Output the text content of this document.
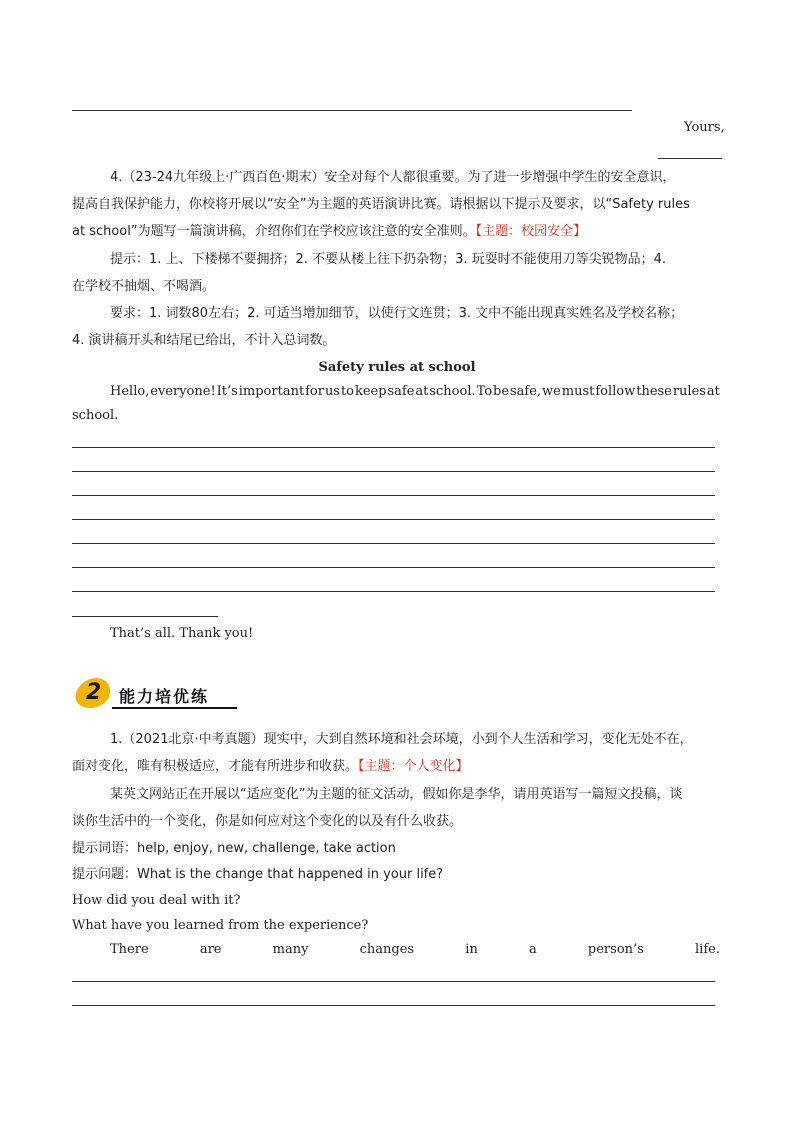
Yours,
4.（23-24九年级上·广西百色·期末）安全对每个人都很重要。为了进一步增强中学生的安全意识，
提高自我保护能力，你校将开展以“安全”为主题的英语演讲比赛。请根据以下提示及要求，以“Safety rules
at school”为题写一篇演讲稿，介绍你们在学校应该注意的安全准则。【主题：校园安全】
提示：1. 上、下楼梯不要拥挤；2. 不要从楼上往下扔杂物；3. 玩耍时不能使用刀等尖锐物品；4.
在学校不抽烟、不喝酒。
要求：1. 词数80左右；2. 可适当增加细节，以使行文连贯；3. 文中不能出现真实姓名及学校名称；
4. 演讲稿开头和结尾已给出，不计入总词数。
Safety rules at school
Hello, everyone! It’s important for us to keep safe at school. To be safe, we must follow these rules at
school.
That’s all. Thank you!
2 能力培优练
1.（2021北京·中考真题）现实中，大到自然环境和社会环境，小到个人生活和学习，变化无处不在，
面对变化，唯有积极适应，才能有所进步和收获。【主题：个人变化】
某英文网站正在开展以“适应变化”为主题的征文活动，假如你是李华，请用英语写一篇短文投稿，谈
谈你生活中的一个变化，你是如何应对这个变化的以及有什么收获。
提示词语：help, enjoy, new, challenge, take action
提示问题：What is the change that happened in your life?
How did you deal with it?
What have you learned from the experience?
There	are	many	changes	in	a	person’s	life.
